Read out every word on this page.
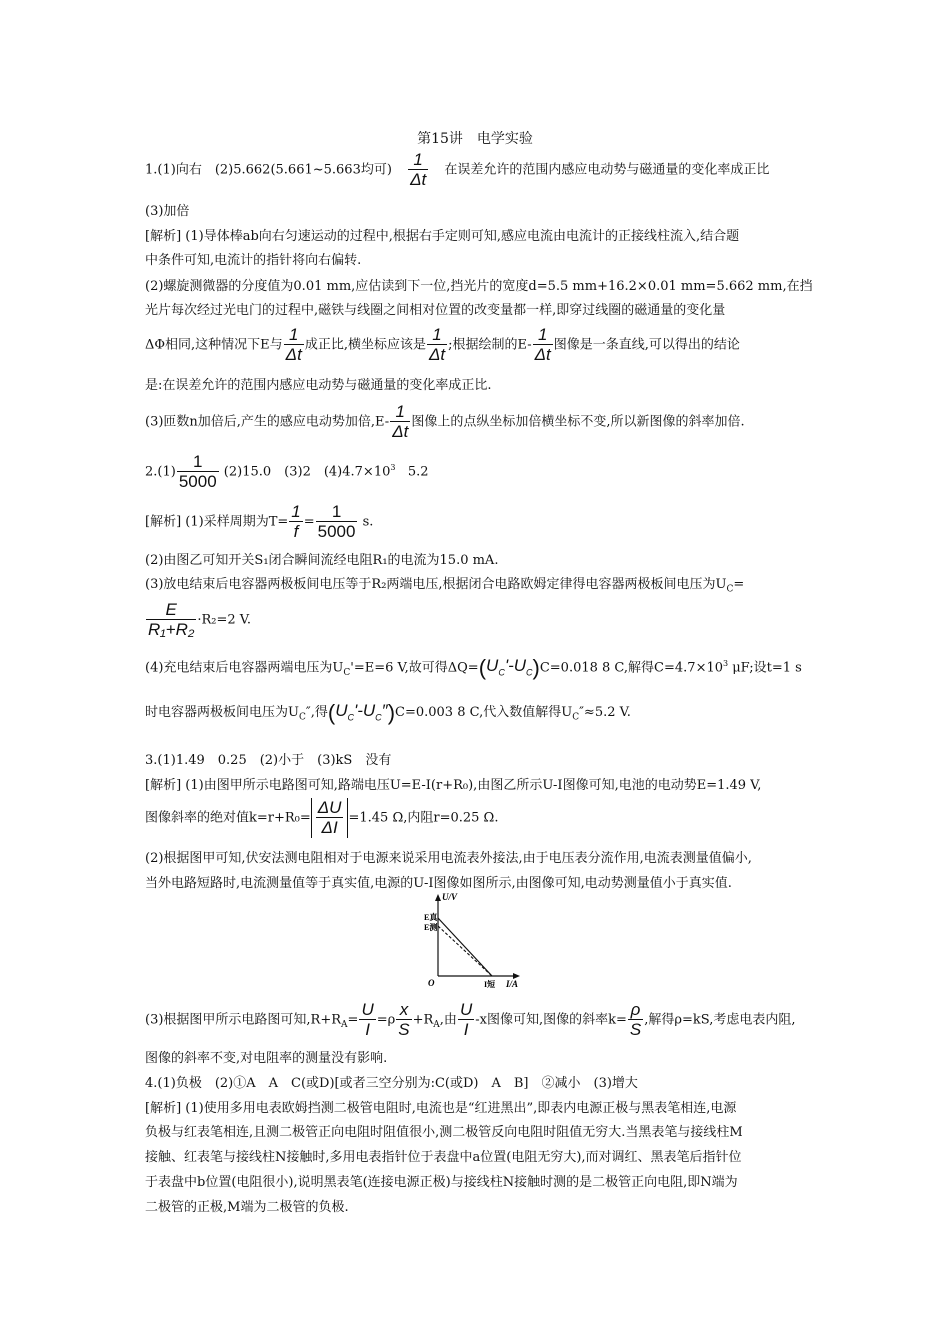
第15讲　电学实验
1.(1)向右　(2)5.662(5.661~5.663均可) $\frac{1}{\Delta t}$ 在误差允许的范围内感应电动势与磁通量的变化率成正比
(3)加倍
[解析] (1)导体棒ab向右匀速运动的过程中,根据右手定则可知,感应电流由电流计的正接线柱流入,结合题
中条件可知,电流计的指针将向右偏转.
(2)螺旋测微器的分度值为0.01 mm,应估读到下一位,挡光片的宽度d=5.5 mm+16.2×0.01 mm=5.662 mm,在挡
光片每次经过光电门的过程中,磁铁与线圈之间相对位置的改变量都一样,即穿过线圈的磁通量的变化量
ΔΦ相同,这种情况下E与 $\frac{1}{\Delta t}$ 成正比,横坐标应该是 $\frac{1}{\Delta t}$ ;根据绘制的$E- \frac{1}{\Delta t}$ 图像是一条直线,可以得出的结论
是:在误差允许的范围内感应电动势与磁通量的变化率成正比.
(3)匝数n加倍后,产生的感应电动势加倍$,E- \frac{1}{\Delta t}$ 图像上的点纵坐标加倍横坐标不变,所以新图像的斜率加倍.
$2.(1) \frac{1}{5000} (2)15.0$　(3)2　$(4)4.7\times 10^3$ 5.2
[解析] (1)采样周期为$T= \frac{1}{f} = \frac{1}{5000} s$.
(2)由图乙可知开关S₁闭合瞬间流经电阻R₁的电流为15.0 mA.
(3)放电结束后电容器两极板间电压等于R₂两端电压,根据闭合电路欧姆定律得电容器两极板间电压为$U_C=$
$\frac{E}{\text{R₁+R₂}} \cdot R_2=2$ V.
(4)充电结束后电容器两端电压为$U_C'=E=6$ V,故可得$\Delta Q=(U_C'-U_C)C=0.018$ 8 C,解得$C=4.7\times 10^3$ μF;设t=1 s
时电容器两极板间电压为$U_C''$,得$(U_C'-U_C'')C=0.003$ 8 C,代入数值解得$U_C''\approx 5.2$ V.
3.(1)1.49　0.25　(2)小于　(3)kS　没有
[解析] (1)由图甲所示电路图可知,路端电压U=E-I(r+R₀),由图乙所示U-I图像可知,电池的电动势E=1.49 V,
图像斜率的绝对值$k=r+R_0= \frac{\Delta U}{\Delta I} =1.45$ Ω,内阻r=0.25 Ω.
(2)根据图甲可知,伏安法测电阻相对于电源来说采用电流表外接法,由于电压表分流作用,电流表测量值偏小,
当外电路短路时,电流测量值等于真实值,电源的U-I图像如图所示,由图像可知,电动势测量值小于真实值.
U/V
I/A
O
E真
E测
I短
(3)根据图甲所示电路图可知$,R+R_A= \frac{U}{I} =\rho \frac{x}{S} +R_A$,由 $\frac{U}{I} -x$图像可知,图像的斜率$k= \frac{\rho}{S}$ ,解得ρ=kS,考虑电表内阻,
图像的斜率不变,对电阻率的测量没有影响.
4.(1)负极　(2)①A　A　C(或D)[或者三空分别为:C(或D)　A　B]　②减小　(3)增大
[解析] (1)使用多用电表欧姆挡测二极管电阻时,电流也是“红进黑出”,即表内电源正极与黑表笔相连,电源
负极与红表笔相连,且测二极管正向电阻时阻值很小,测二极管反向电阻时阻值无穷大.当黑表笔与接线柱M
接触、红表笔与接线柱N接触时,多用电表指针位于表盘中a位置(电阻无穷大),而对调红、黑表笔后指针位
于表盘中b位置(电阻很小),说明黑表笔(连接电源正极)与接线柱N接触时测的是二极管正向电阻,即N端为
二极管的正极,M端为二极管的负极.
